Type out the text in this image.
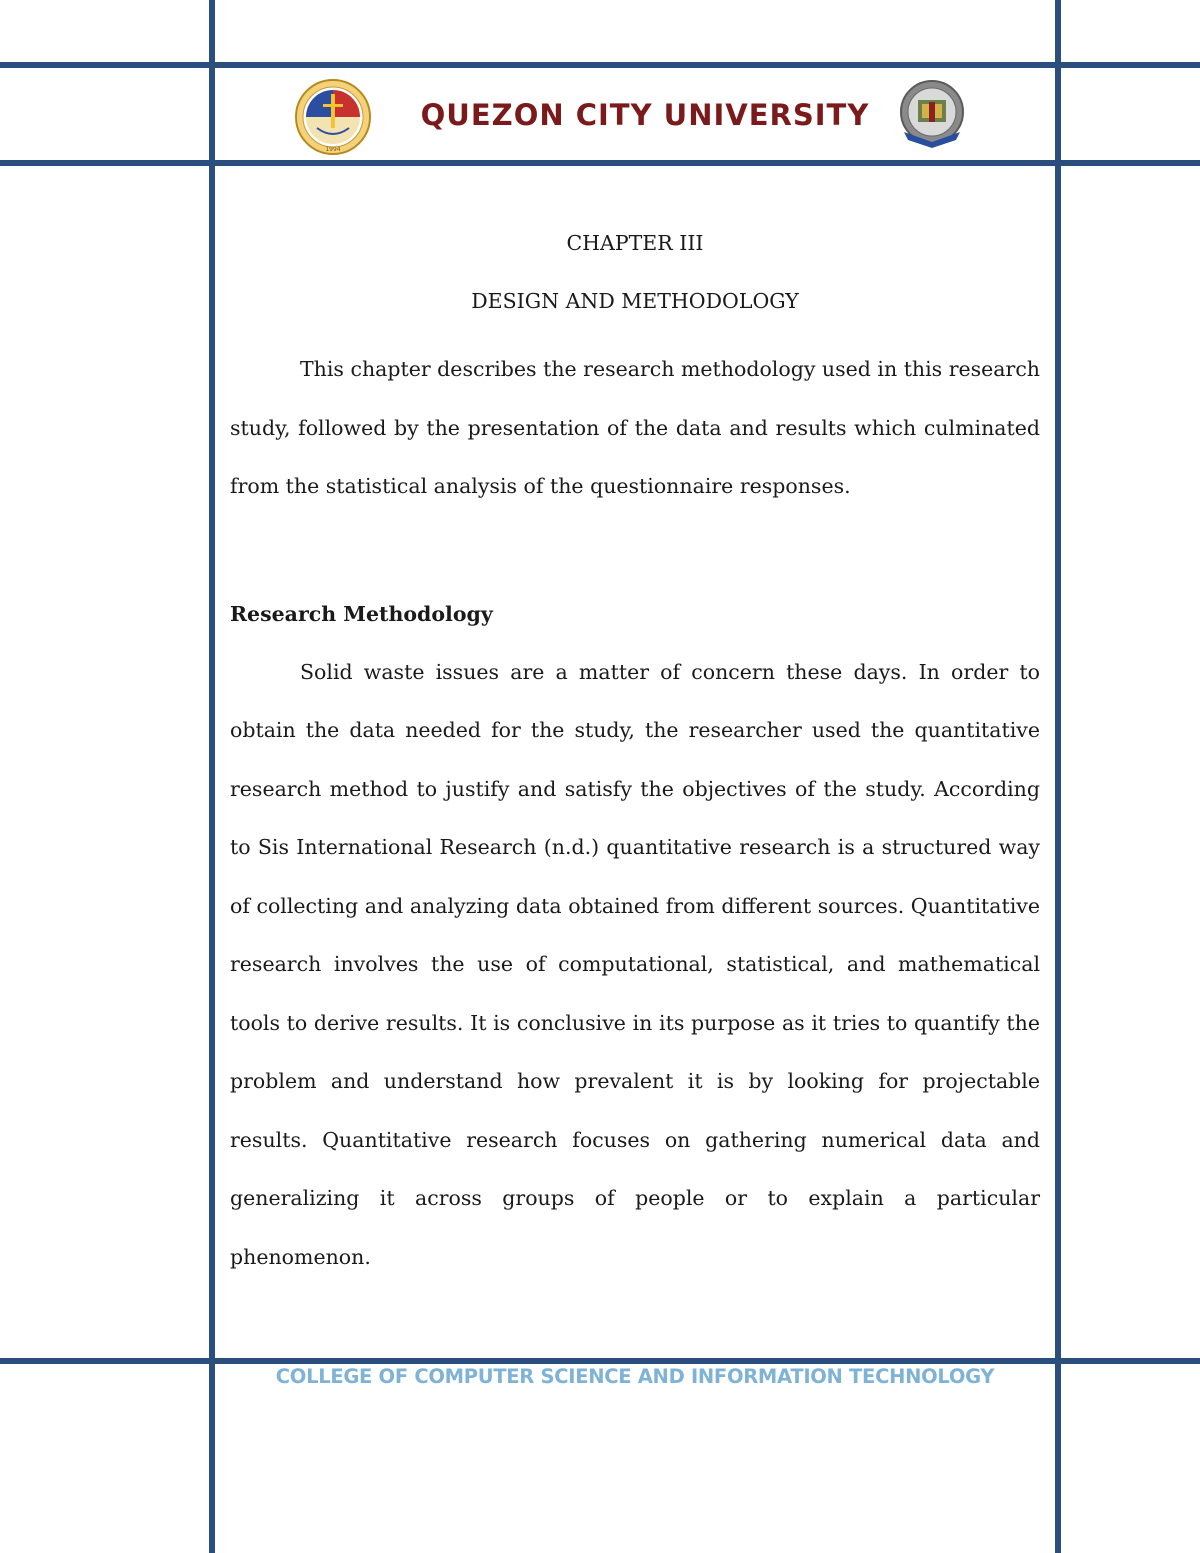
1994
QUEZON CITY UNIVERSITY
CHAPTER III
DESIGN AND METHODOLOGY

This chapter describes the research methodology used in this research study, followed by the presentation of the data and results which culminated from the statistical analysis of the questionnaire responses.

Research Methodology

Solid waste issues are a matter of concern these days. In order to obtain the data needed for the study, the researcher used the quantitative research method to justify and satisfy the objectives of the study. According to Sis International Research (n.d.) quantitative research is a structured way of collecting and analyzing data obtained from different sources. Quantitative research involves the use of computational, statistical, and mathematical tools to derive results. It is conclusive in its purpose as it tries to quantify the problem and understand how prevalent it is by looking for projectable results. Quantitative research focuses on gathering numerical data and generalizing it across groups of people or to explain a particular phenomenon.

COLLEGE OF COMPUTER SCIENCE AND INFORMATION TECHNOLOGY
